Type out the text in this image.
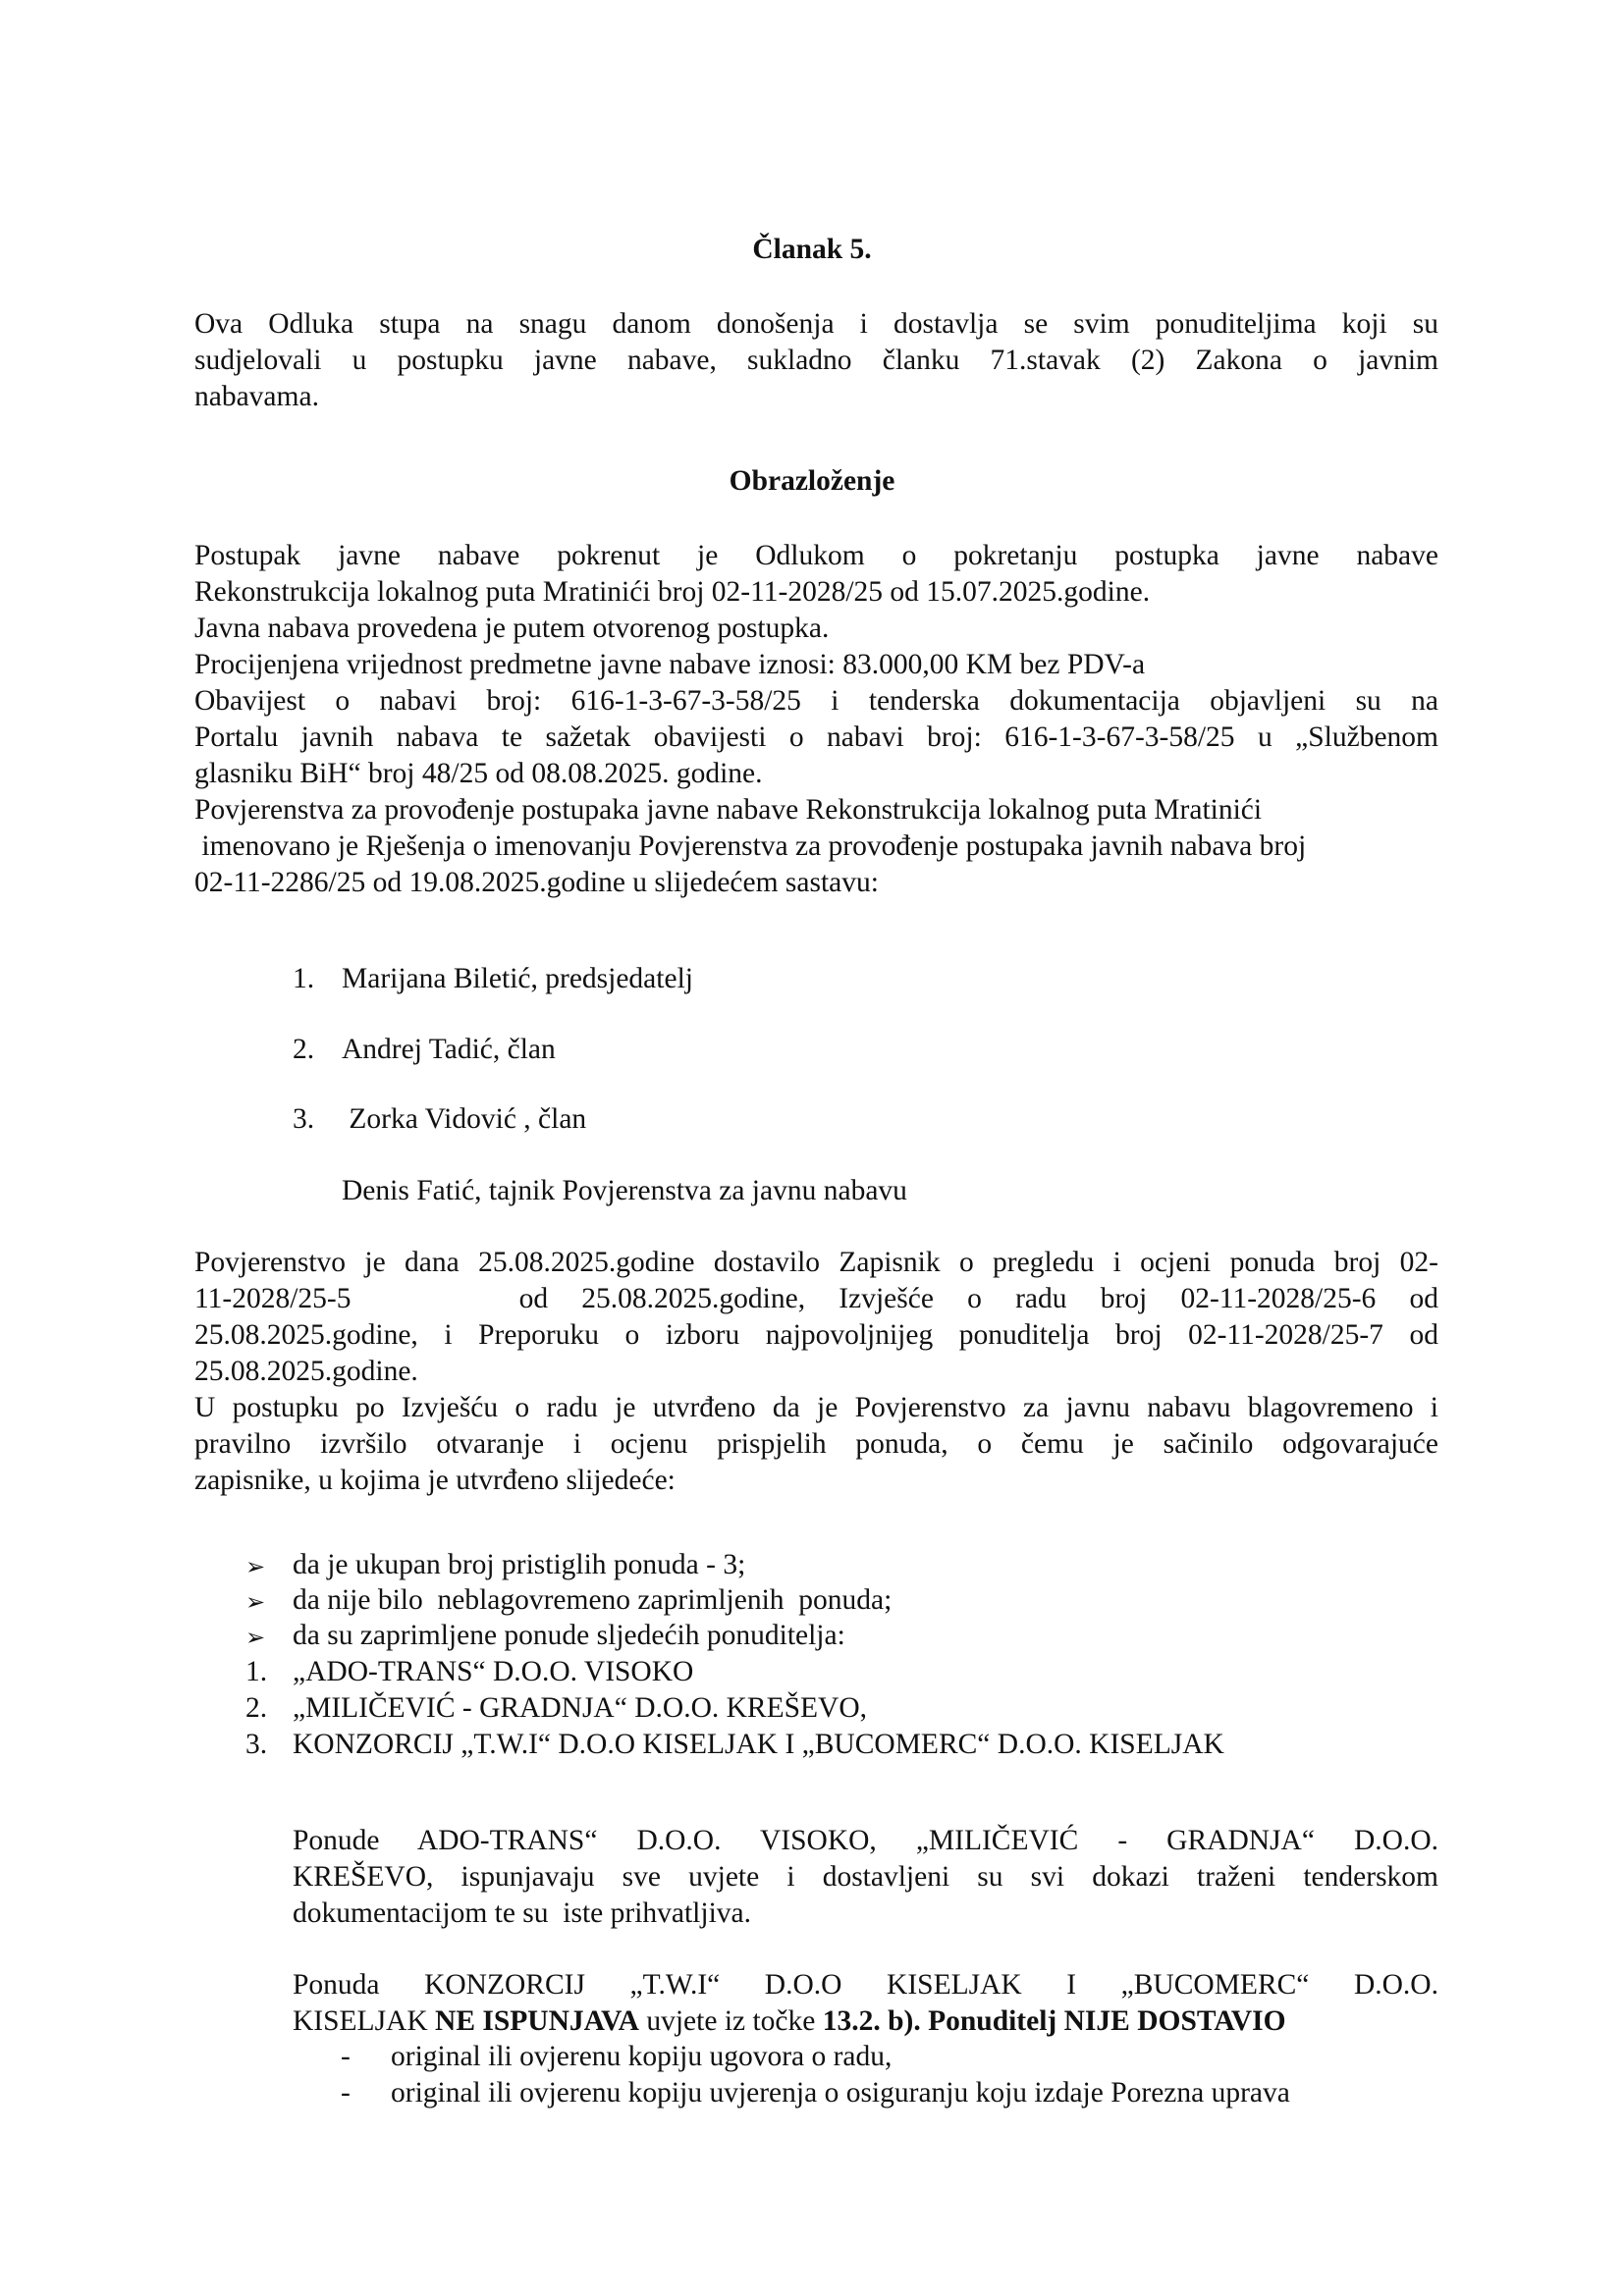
Članak 5.
Ova Odluka stupa na snagu danom donošenja i dostavlja se svim ponuditeljima koji su
sudjelovali u postupku javne nabave, sukladno članku 71.stavak (2) Zakona o javnim
nabavama.
Obrazloženje
Postupak javne nabave pokrenut je Odlukom o pokretanju postupka javne nabave
Rekonstrukcija lokalnog puta Mratinići broj 02-11-2028/25 od 15.07.2025.godine.
Javna nabava provedena je putem otvorenog postupka.
Procijenjena vrijednost predmetne javne nabave iznosi: 83.000,00 KM bez PDV-a
Obavijest o nabavi broj: 616-1-3-67-3-58/25 i tenderska dokumentacija objavljeni su na
Portalu javnih nabava te sažetak obavijesti o nabavi broj: 616-1-3-67-3-58/25 u „Službenom
glasniku BiH“ broj 48/25 od 08.08.2025. godine.
Povjerenstva za provođenje postupaka javne nabave Rekonstrukcija lokalnog puta Mratinići
imenovano je Rješenja o imenovanju Povjerenstva za provođenje postupaka javnih nabava broj
02-11-2286/25 od 19.08.2025.godine u slijedećem sastavu:
1. Marijana Biletić, predsjedatelj
2. Andrej Tadić, član
3. Zorka Vidović , član
Denis Fatić, tajnik Povjerenstva za javnu nabavu
Povjerenstvo je dana 25.08.2025.godine dostavilo Zapisnik o pregledu i ocjeni ponuda broj 02-
11-2028/25-5     od 25.08.2025.godine, Izvješće o radu broj 02-11-2028/25-6 od
25.08.2025.godine, i Preporuku o izboru najpovoljnijeg ponuditelja broj 02-11-2028/25-7 od
25.08.2025.godine.
U postupku po Izvješću o radu je utvrđeno da je Povjerenstvo za javnu nabavu blagovremeno i
pravilno izvršilo otvaranje i ocjenu prispjelih ponuda, o čemu je sačinilo odgovarajuće
zapisnike, u kojima je utvrđeno slijedeće:
➢ da je ukupan broj pristiglih ponuda - 3;
➢ da nije bilo  neblagovremeno zaprimljenih  ponuda;
➢ da su zaprimljene ponude sljedećih ponuditelja:
1. „ADO-TRANS“ D.O.O. VISOKO
2. „MILIČEVIĆ - GRADNJA“ D.O.O. KREŠEVO,
3. KONZORCIJ „T.W.I“ D.O.O KISELJAK I „BUCOMERC“ D.O.O. KISELJAK
Ponude ADO-TRANS“ D.O.O. VISOKO, „MILIČEVIĆ - GRADNJA“ D.O.O.
KREŠEVO, ispunjavaju sve uvjete i dostavljeni su svi dokazi traženi tenderskom
dokumentacijom te su  iste prihvatljiva.
Ponuda KONZORCIJ „T.W.I“ D.O.O KISELJAK I „BUCOMERC“ D.O.O.
KISELJAK NE ISPUNJAVA uvjete iz točke 13.2. b). Ponuditelj NIJE DOSTAVIO
- original ili ovjerenu kopiju ugovora o radu,
- original ili ovjerenu kopiju uvjerenja o osiguranju koju izdaje Porezna uprava
